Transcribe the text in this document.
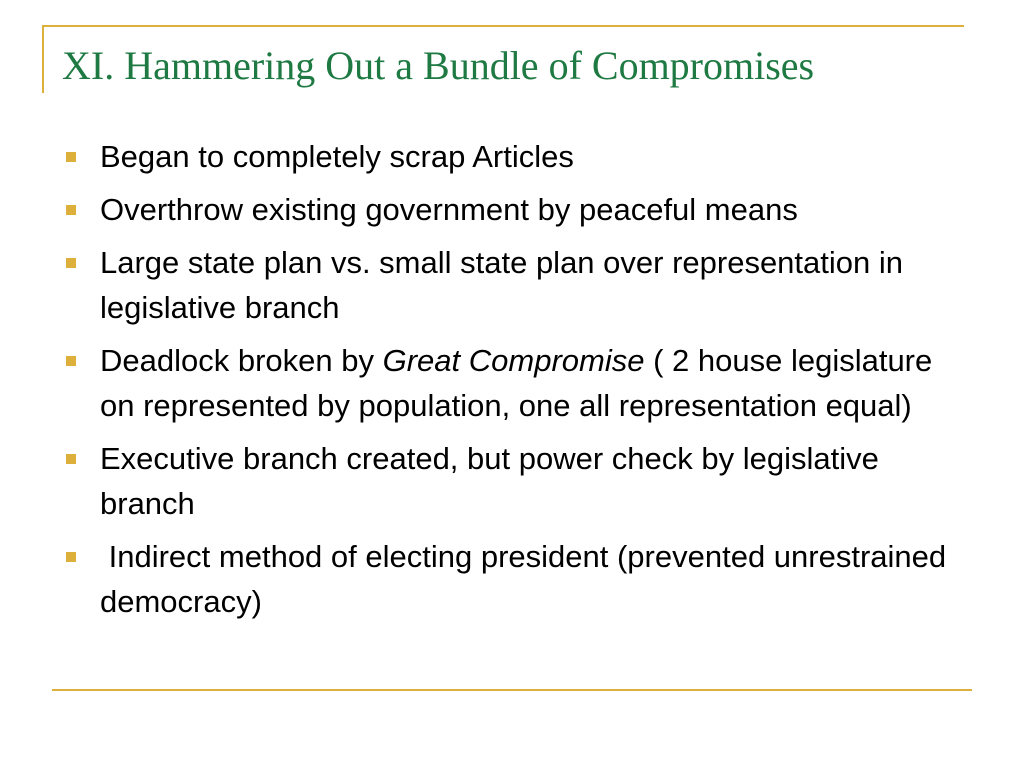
XI. Hammering Out a Bundle of Compromises
Began to completely scrap Articles
Overthrow existing government by peaceful means
Large state plan vs. small state plan over representation in legislative branch
Deadlock broken by Great Compromise ( 2 house legislature on represented by population, one all representation equal)
Executive branch created, but power check by legislative branch
Indirect method of electing president (prevented unrestrained democracy)
